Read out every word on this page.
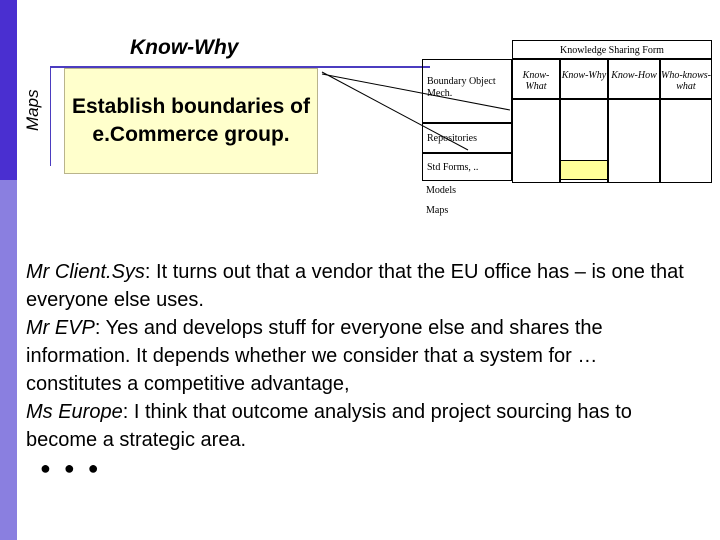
Maps
Know-Why
Establish boundaries of e.Commerce group.
Knowledge Sharing Form
Boundary Object Mech.
Repositories
Std Forms, ..
Models
Maps
Know-What
Know-Why Know-How Who-knows-what
Mr Client.Sys: It turns out that a vendor that the EU office has – is one that everyone else uses.
Mr EVP: Yes and develops stuff for everyone else and shares the information. It depends whether we consider that a system for … constitutes a competitive advantage,
Ms Europe: I think that outcome analysis and project sourcing has to become a strategic area.
● ● ●
